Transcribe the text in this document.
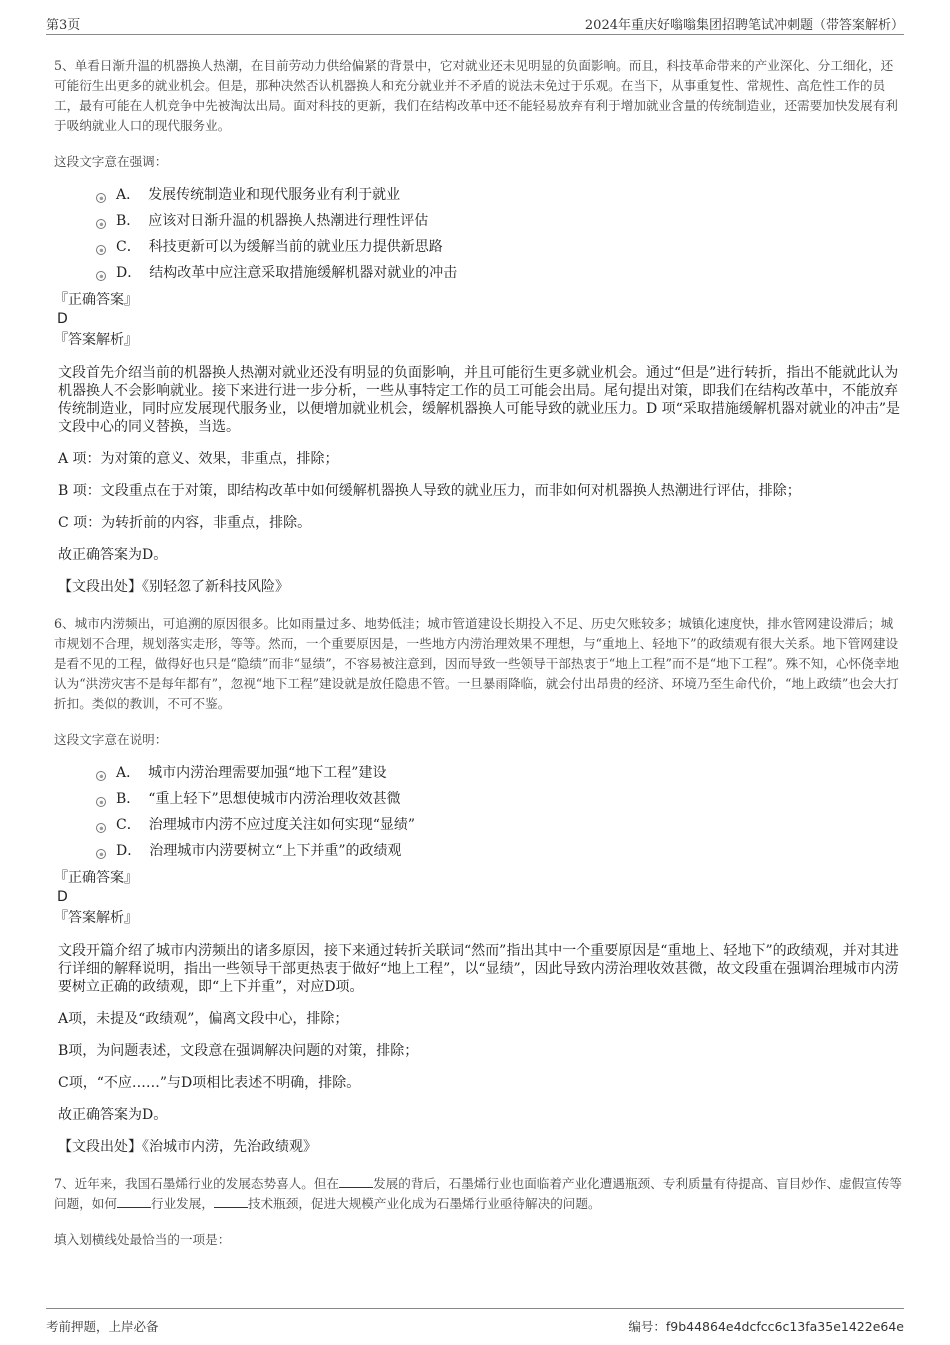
第3页	2024年重庆好嗡嗡集团招聘笔试冲刺题（带答案解析）

5、单看日渐升温的机器换人热潮，在目前劳动力供给偏紧的背景中，它对就业还未见明显的负面影响。而且，科技革命带来的产业深化、分工细化，还可能衍生出更多的就业机会。但是，那种决然否认机器换人和充分就业并不矛盾的说法未免过于乐观。在当下，从事重复性、常规性、高危性工作的员工，最有可能在人机竞争中先被淘汰出局。面对科技的更新，我们在结构改革中还不能轻易放弃有利于增加就业含量的传统制造业，还需要加快发展有利于吸纳就业人口的现代服务业。

这段文字意在强调：

A． 发展传统制造业和现代服务业有利于就业
B． 应该对日渐升温的机器换人热潮进行理性评估
C． 科技更新可以为缓解当前的就业压力提供新思路
D． 结构改革中应注意采取措施缓解机器对就业的冲击

『正确答案』

D

『答案解析』

文段首先介绍当前的机器换人热潮对就业还没有明显的负面影响，并且可能衍生更多就业机会。通过“但是”进行转折，指出不能就此认为机器换人不会影响就业。接下来进行进一步分析，一些从事特定工作的员工可能会出局。尾句提出对策，即我们在结构改革中，不能放弃传统制造业，同时应发展现代服务业，以便增加就业机会，缓解机器换人可能导致的就业压力。D 项“采取措施缓解机器对就业的冲击”是文段中心的同义替换，当选。

A 项：为对策的意义、效果，非重点，排除；

B 项：文段重点在于对策，即结构改革中如何缓解机器换人导致的就业压力，而非如何对机器换人热潮进行评估，排除；

C 项：为转折前的内容，非重点，排除。

故正确答案为D。

【文段出处】《别轻忽了新科技风险》

6、城市内涝频出，可追溯的原因很多。比如雨量过多、地势低洼；城市管道建设长期投入不足、历史欠账较多；城镇化速度快，排水管网建设滞后；城市规划不合理，规划落实走形，等等。然而，一个重要原因是，一些地方内涝治理效果不理想，与“重地上、轻地下”的政绩观有很大关系。地下管网建设是看不见的工程，做得好也只是“隐绩”而非“显绩”，不容易被注意到，因而导致一些领导干部热衷于“地上工程”而不是“地下工程”。殊不知，心怀侥幸地认为“洪涝灾害不是每年都有”，忽视“地下工程”建设就是放任隐患不管。一旦暴雨降临，就会付出昂贵的经济、环境乃至生命代价，“地上政绩”也会大打折扣。类似的教训，不可不鉴。

这段文字意在说明：

A． 城市内涝治理需要加强“地下工程”建设
B． “重上轻下”思想使城市内涝治理收效甚微
C． 治理城市内涝不应过度关注如何实现“显绩”
D． 治理城市内涝要树立“上下并重”的政绩观

『正确答案』

D

『答案解析』

文段开篇介绍了城市内涝频出的诸多原因，接下来通过转折关联词“然而”指出其中一个重要原因是“重地上、轻地下”的政绩观，并对其进行详细的解释说明，指出一些领导干部更热衷于做好“地上工程”，以“显绩”，因此导致内涝治理收效甚微，故文段重在强调治理城市内涝要树立正确的政绩观，即“上下并重”，对应D项。

A项，未提及“政绩观”，偏离文段中心，排除；

B项，为问题表述，文段意在强调解决问题的对策，排除；

C项，“不应……”与D项相比表述不明确，排除。

故正确答案为D。

【文段出处】《治城市内涝，先治政绩观》

7、近年来，我国石墨烯行业的发展态势喜人。但在	发展的背后，石墨烯行业也面临着产业化遭遇瓶颈、专利质量有待提高、盲目炒作、虚假宣传等问题，如何	行业发展，	技术瓶颈，促进大规模产业化成为石墨烯行业亟待解决的问题。

填入划横线处最恰当的一项是：

考前押题，上岸必备	编号：f9b44864e4dcfcc6c13fa35e1422e64e
